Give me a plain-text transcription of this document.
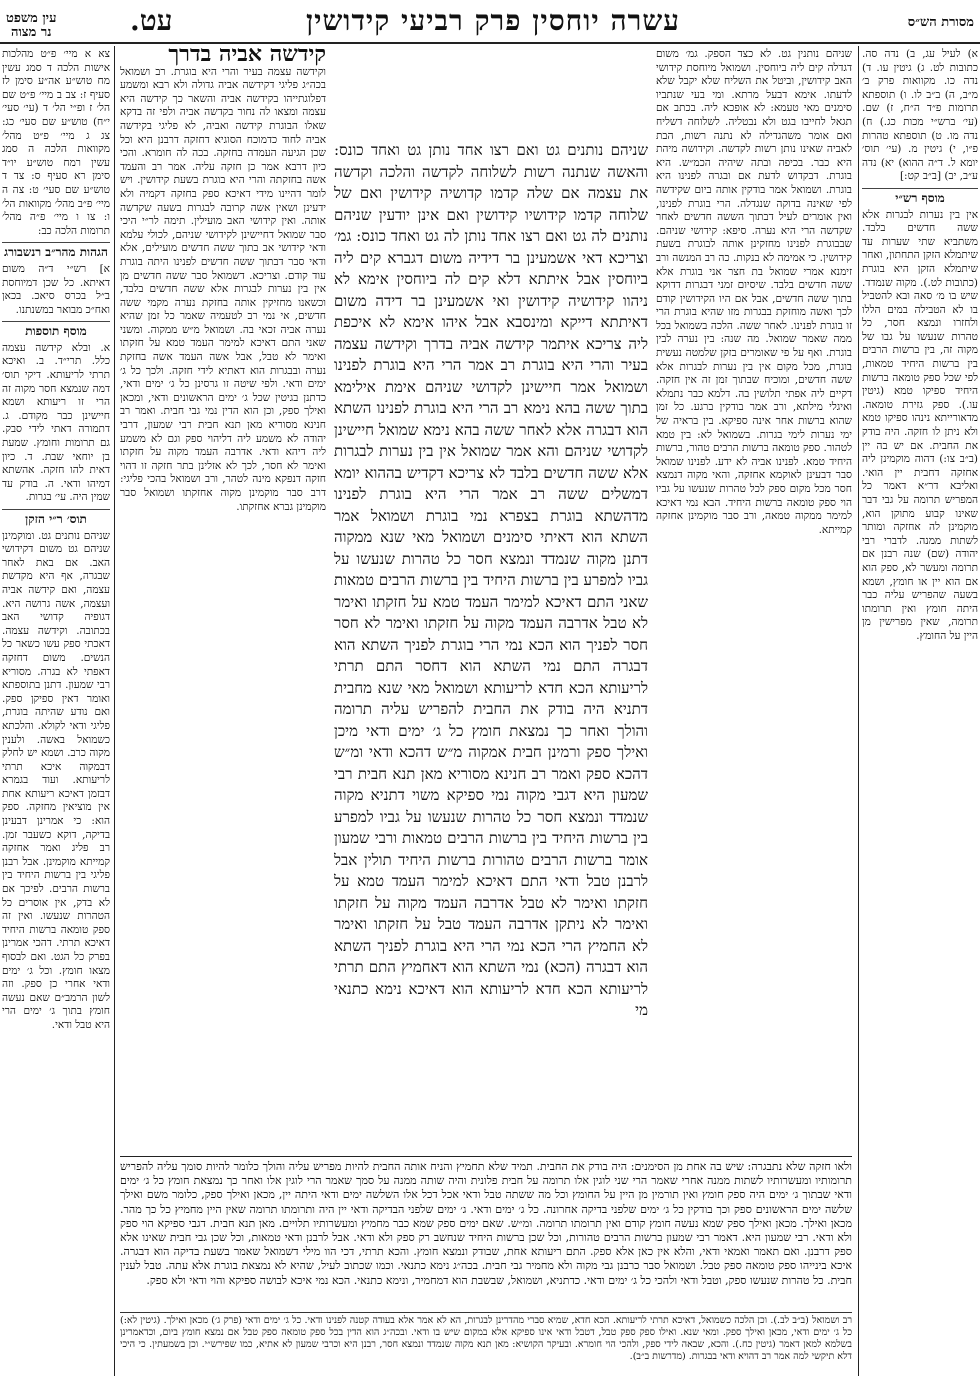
מסורת הש״ס
עשרה יוחסין פרק רביעי קידושין
עט.
עין משפט
נר מצוה

א) לעיל עג, ב) נדה סה. כתובות לט. ג) גיטין עו. ד) נדה כו. מקוואות פרק ב׳ מ״ב, ה) ב״ב לו. ו) תוספתא תרומות פ״ד ה״ח, ז) שם. (עי׳ ברש״י מכות כג.) ח) נדה מו. ט) תוספתא טהרות פ״ו, י) גיטין מ. (עי׳ תוס׳ יומא ל. ד״ה ההוא) יא) נדה ע״ב, יב) [ב״ב קט:]

מוסף רש״י

אין בין נערות לבגרות אלא ששה חדשים בלבד. משתביא שתי שערות עד שיתמלא הזקן התחתון, ואחר שיתמלא הזקן היא בוגרת (כתובות לט.). מקוה שנמדד. שיש בו מ׳ סאה ובא להטביל בו לא הטבילה במים הללו ולחזרו ונמצא חסר, כל טהרות שנעשו על גבו של מקוה זה, בין ברשות הרבים בין ברשות היחיד טמאות, לפי שכל ספק טומאה ברשות היחיד ספיקו טמא (גיטין עו.). ספק גזירת טומאה. מדאורייתא נינהו ספיקו טמא ולא ניתן לו חזקה. היה בודק את החבית. אם יש בה יין (ב״ב צו:) דהוה מוקמינן ליה אחזקה דחבית יין הואי. ואליבא דר״א דאמר כל המפריש תרומה על גבי דבר שאינו קבוע מתוקן הוא, מוקמינן לה אחזקה ומותר לשתות ממנה. לדברי רבי יהודה (שם) שנה רבנן אם תרומה ומעשר לא, ספק הוא אם הוא יין או חומץ, ושמא בשעה שהפריש עליה כבר היתה חומץ ואין תרומתו תרומה, שאין מפרישין מן היין על החומץ.

שניהם נותנין גט. לא כצד הספק. גמ׳ משום דגדלה קים ליה ביוחסין. ושמואל מיוחסת קידושי האב קידושין, וביטל את השליח שלא יקבל שלא לדעתו. אימא דבעל מרתא. ומי בעי שנתביו סימנים מאי טעמא: לא אופכא ליה. בכתב אם תגאל לחייבו בגט ולא נבטליה. לשלוחה דשליח ואם אומר משהגדילה לא נתנה רשות, הבת לאביה שאינו נותן רשות לקדשה. וקידושה מיהת היא כבר. בכיפה ובתה שיהיה הכמ״ש. היא בוגרת. דבקדוש לדעת אם ובגרה לפנינו היא בוגרת. ושמואל אמר בודקין אותה ביום שקידשה לפי שאינה בדוקה שנגדלה. הרי בוגרת לפנינו, ואין אומרים לעיל דבתוך הששה חדשים לאחר שקדשה הרי היא נערה. סיפא: קידושי שניהם. שבבוגרת לפנינו מחזקינן אותה לבוגרת בשעת קידושין. כי אמימה לא בנקות. כה רב המנשה ורב זימנא אמרי שמואל בת חצר אני בוגרת אלא ששה חדשים בלבד. שיסיום זמני דבגרות דדוקא בתוך ששה חדשים, אבל אם היו הקידושין קודם לכך ואשה מוחזקת בבגרות מזו שהיא בוגרת הרי זו בוגרת לפנינו. לאחר ששה. הלכה בשמואל בכל ממה שאמר שמואל. מה שנה: בין נערה לבין בוגרת. ואף על פי שאומרים בזקן שלמטה נעשית בוגרת, מכל מקום אין בין נערות לבגרות אלא ששה חדשים, ומוכיח שבתוך זמן זה אין חזקה. דקיים ליה אפתי תלושין בה. דלמא כבר נתמלא ואיגלי מילתא, ורב אמר בודקין ברגע. כל זמן שהוא ברשות אחר אינה ספיקא. בין בראיה של ימי נערות לימי בגרות. בשמואל לא: בין טמא לטהור. ספק טומאה ברשות הרבים טהור, ברשות היחיד טמא. לפנינו אביה לא ידע. לפנינו שמואל סבר דבעינן לאוקמא אחזקה, והאי מקוה דנמצא חסר מכל מקום ספק לכל טהרות שנעשו על גביו הוי ספק טומאה ברשות היחיד. הבא נמי דאיכא למימר ממקוה טמאה, ורב סבר מוקמינן אחזקה קמייתא.

שניהם נותנים גט ואם רצו אחד נותן גט ואחד כונס: והאשה שנתנה רשות לשלוחה לקדשה והלכה וקדשה את עצמה אם שלה קדמו קדושיה קידושין ואם של שלוחה קדמו קידושיו קידושין ואם אינן יודעין שניהם נותנים לה גט ואם רצו אחד נותן לה גט ואחד כונס: גמ׳ וצריכא דאי אשמעינן בר דידיה משום דגברא קים ליה ביוחסין אבל איתתא דלא קים לה ביוחסין אימא לא ניהוו קידושיה קידושין ואי אשמעינן בר דידה משום דאיתתא דייקא ומינסבא אבל איהו אימא לא איכפת ליה צריכא איתמר קידשה אביה בדרך וקידשה עצמה בעיר והרי היא בוגרת רב אמר הרי היא בוגרת לפנינו ושמואל אמר חיישינן לקדושי שניהם אימת אילימא בתוך ששה בהא נימא רב הרי היא בוגרת לפנינו השתא הוא דבגרה אלא לאחר ששה בהא נימא שמואל חיישינן לקדושי שניהם והא אמר שמואל אין בין נערות לבגרות אלא ששה חדשים בלבד לא צריכא דקדיש בההוא יומא דמשלים ששה רב אמר הרי היא בוגרת לפנינו מדהשתא בוגרת בצפרא נמי בוגרת ושמואל אמר השתא הוא דאיתי סימנים ושמואל מאי שנא ממקוה דתנן מקוה שנמדד ונמצא חסר כל טהרות שנעשו על גביו למפרע בין ברשות היחיד בין ברשות הרבים טמאות שאני התם דאיכא למימר העמד טמא על חזקתו ואימר לא טבל אדרבה העמד מקוה על חזקתו ואימר לא חסר חסר לפניך הוא הכא נמי הרי בוגרת לפניך השתא הוא דבגרה התם נמי השתא הוא דחסר התם תרתי לריעותא הכא חדא לריעותא ושמואל מאי שנא מחבית דתניא היה בודק את החבית להפריש עליה תרומה והולך ואחר כך נמצאת חומץ כל ג׳ ימים ודאי מיכן ואילך ספק ורמינן חבית אמקוה מ״ש דהכא ודאי ומ״ש דהכא ספק ואמר רב חנינא מסוריא מאן תנא חבית רבי שמעון היא דגבי מקוה נמי ספיקא משוי דתניא מקוה שנמדד ונמצא חסר כל טהרות שנעשו על גביו למפרע בין ברשות היחיד בין ברשות הרבים טמאות ורבי שמעון אומר ברשות הרבים טהורות ברשות היחיד תולין אבל לרבנן טבל ודאי התם דאיכא למימר העמד טמא על חזקתו ואימר לא טבל אדרבה העמד מקוה על חזקתו ואימר לא ניתקן אדרבה העמד טבל על חזקתו ואימר לא החמיץ הרי הכא נמי הרי היא בוגרת לפניך השתא הוא דבגרה (הכא) נמי השתא הוא דאחמיץ התם תרתי לריעותא הכא חדא לריעותא הוא דאיכא נימא כתנאי מי
קידשה אביה בדרך

וקידשה עצמה בעיר והרי היא בוגרת. רב ושמואל בכה״ג פליגי דקידשה אביה גדולה ולא רבא ומשמע דפלוגתייהו בקידשה אביה והשאר כך קידשה היא עצמה ומצאו לה נחור בקדשה אביה ולפי זה בדקא שאלו הבוגרת קידשה ואביה, לא פליגי בקידשה אביה לחוד כדמוכח הסוגיא דחזקה דרבנן היא וכל שכן הגיעה העמדה בחזקה. בכה לה חומרא. והכי כיון דרבא אמר כן חזקה עליה. אמר רב והעמד אשה בחזקתה והרי היא בוגרת בשעת קידושין. ויש לומר דהיינו מידי דאיכא ספק בחזקה דקמיה ולא ידעינן ושאין אשה קרובה לבגרות בשעה שקדשה אותה. ואין קידושי האב מועילין. תימה לר״י היכי סבר שמואל דחיישינן לקידושי שניהם, לכולי עלמא ודאי קידושי אב בתוך ששה חדשים מועילים, אלא ודאי סבר דבתוך ששה חדשים לפנינו היתה בוגרת עוד קודם. וצריכא. דשמואל סבר ששה חדשים מן אין בין נערות לבגרות אלא ששה חדשים בלבד, וכשאנו מחזיקין אותה בחזקת נערה מקמי ששה חדשים, אי נמי רב לטעמיה שאמר כל זמן שהיא נערה אביה זכאי בה. ושמואל מ״ש ממקוה. ומשני שאני התם דאיכא למימר העמד טמא על חזקתו ואימר לא טבל, אבל אשה העמד אשה בחזקת נערה ובבגרות הוא דאתיא לידי חזקה. ולכך כל ג׳ ימים ודאי. ולפי שיטה זו גרסינן כל ג׳ ימים ודאי, כדתנן בגיטין שכל ג׳ ימים הראשונים ודאי, ומכאן ואילך ספק, וכן הוא הדין נמי גבי חבית. ואמר רב חנינא מסוריא מאן תנא חבית רבי שמעון, דרבי יהודה לא משמע ליה דליהוי ספק וגם לא משמע ליה דיהא ודאי. אדרבה העמד מקוה על חזקתו ואימר לא חסר, לכך לא אזלינן בתר חזקה זו דהוי חזקה דנפקא מינה לטהר, ורב ושמואל בהכי פליגי: דרב סבר מוקמינן מקוה אחזקתו ושמואל סבר מוקמינן גברא אחזקתו.

צא א מיי׳ פ״ט מהלכות אישות הלכה ד סמג עשין מח טוש״ע אה״ע סימן לז סעיף ז: צב ב מיי׳ פ״ט שם הל׳ ז ופ״י הל׳ ד (עי׳ סעי׳ י״ח) טוש״ע שם סעי׳ כג: צג ג מיי׳ פ״ט מהל׳ מקוואות הלכה ה סמג עשין רמח טוש״ע יו״ד סימן רא סעיף ס: צד ד טוש״ע שם סעי׳ ט: צה ה מיי׳ פ״ב מהל׳ מקוואות הל׳ ו: צו ו מיי׳ פ״ה מהל׳ תרומות הלכה כב:

הגהות מהר״ב רנשבורג

א] רש״י ד״ה משום דאיתא. כל שכן דמיוחסת ב״ל בכרס סיאכ. בכאן ואח״כ מבואר במשנתנו.

מוסף תוספות

א. ובלא קידשה עצמה כלל. תרי״ד. ב. ואיכא תרתי לריעותא. דיקי תוס׳ דמה שנמצא חסר מקוה זה הרי זו ריעותא ושמא חיישינן כבר מקודם. ג. דתמורה דאתי לידי סבק. גם תרומות וחומץ. שמעת בן יוחאי שבת. ד. כיון דאית להו חזקה. אהשתא דמיהו ודאי. ה. בודק עד שמין היה. עי׳ בגרות.

תוס׳ ר״י הזקן

שניהם נותנים גט. ומוקמינן שניהם גט משום דקידושי האב. אם באת לאחר שבגרה, אף היא מקדשת עצמה, ואם קידשה אביה ועצמה, אשה גרושה היא. דגופיה קדושי האב בכתובה. וקידשה עצמה. דאכתי ספק עשו כשאר כל הנשים. משום דחזקה דאפתי לא בגרה. מסוריא רבי שמעון. דתנן בתוספתא ואומר דאין ספיקן ספק. ואם נודע שהיתה בוגרת, פליגי ודאי לקולא. והלכתא כשמואל באשה. ולענין מקוה כרב. ושמא יש לחלק דבמקוה איכא תרתי לריעותא. ועוד בגמרא דבזמן דאיכא ריעותא אחת אין מוציאין מחזקה. ספק הוא: כי אמרינן דבעינן בדיקה, דוקא כשעבר זמן. רב פליג ואמר אחזקה קמייתא מוקמינן. אבל רבנן פליגי בין ברשות היחיד בין ברשות הרבים. לפיכך אם לא בדק, אין אוסרים כל הטהרות שנעשו. ואין זה ספק טומאה ברשות היחיד דאיכא תרתי. דהכי אמרינן בפרק כל הגט. ואם לבסוף מצאו חומץ. וכל ג׳ ימים ודאי אחרי כן ספק. וזה לשון הרמב״ם שאם נעשה חומץ בתוך ג׳ ימים הרי היא טבל ודאי.

ולאו חזקה שלא נתבגרה: שיש בה אחת מן הסימנים: היה בודק את החבית. תמיד שלא תחמיץ והניח אותה החבית להיות מפריש עליה והולך כלומר להיות סומך עליה להפריש תרומותיו ומעשרותיו לשתות ממנה אחרי שאמר הרי שני לוגין אלו תרומה על חבית פלונית והיה שותה ממנה על סמך שאמר הרי לוגין אלו ואחר כך נמצאת חומץ כל ג׳ ימים ודאי שבתוך ג׳ ימים היה ספק חומץ ואין תורמין מן היין על החומץ וכל מה ששתה טבל ודאי אכל דכל אלו השלשה ימים ודאי היתה יין, מכאן ואילך ספק, כלומר משם ואילך שלשה ימים הראשונים ספק וכך בודקין כל ג׳ ימים שלפני בדיקה אחרונה. כל ג׳ ימים ודאי. ג׳ ימים שלפני הבדיקה ודאי יין היה ותרומתו תרומה שאין היין מחמיץ כל כך מהר. מכאן ואילך. מכאן ואילך ספק שמא נעשה חומץ קודם ואין תרומתו תרומה. ומ״ש. שאם ימים ספק שמא כבר מחמיץ ומעשרותיו תלויים. מאן תנא חבית. דגבי ספיקא הוי ספק ולא ודאי. רבי שמעון היא. דאמר רבי שמעון ברשות הרבים טהורות, וכל שכן ברשות היחיד שנחשב רק ספק ולא ודאי. אבל לרבנן ודאי טמאות, וכל שכן גבי חבית שאינו אלא ספק דרבנן. ואם תאמר ואמאי ודאי, והלא אין כאן אלא ספק. התם ריעותא אחת, שבודק ונמצא חומץ. והכא תרתי, דכי הוו מילי דשמואל שאמר בשעת בדיקה הוא דבגרה. איכא בינייהו ספק טומאה ספק טבל. ושמואל סבר כרבנן גבי מקוה ולא מחמיר גבי חבית. בכה״ג נימא כתנאי. וכמו שכתוב לעיל, שהיא לא נמצאת בוגרת אלא עתה. טבל לענין חבית. כל טהרות שנעשו ספק, וטבל ודאי ולהכי כל ג׳ ימים ודאי. כדתניא, ושמואל, שבשבת הוא דמחמיר, ונימא כתנאי. הכא נמי איכא לבושה ספיקא והוי ודאי ולא ספק.
רב ושמואל (ב״ב לב.). וכן הלכה כשמואל, דאיכא תרתי לריעותא. הכא חדא, שמיא סברי מהדרינן לבגרות, הא לא אמר אלא בעודה קטנה לפנינו ודאי. כל ג׳ ימים ודאי (פרק ג׳) מכאן ואילך. (גיטין לא:) כל ג׳ ימים ודאי, מכאן ואילך ספק. ומאי שנא. ואילו ספק ספק טבל, דטבל ודאי אינו ספיקא אלא במקום שיש בו ודאי. ובכה״ג הוא הדין בכל ספק טומאה ספק טבל אם נמצא חומץ ביום, וכדאמרינן בשלמא למאן דאמר (גיטין כח.). והכא, שבאה לידי ספק, ולהכי הוי חומרא. ובעיקר הקושיא: מאן תנא מקוה שנמדד ונמצא חסר, רבנן היא וכרבי שמעון לא אתיא, כמו שפירש״י. וכן בשמעתין. כי היכי דלא תיקשי למה אמר רב דהויא ודאי בבגרות. (מדרשות ב״ב).
